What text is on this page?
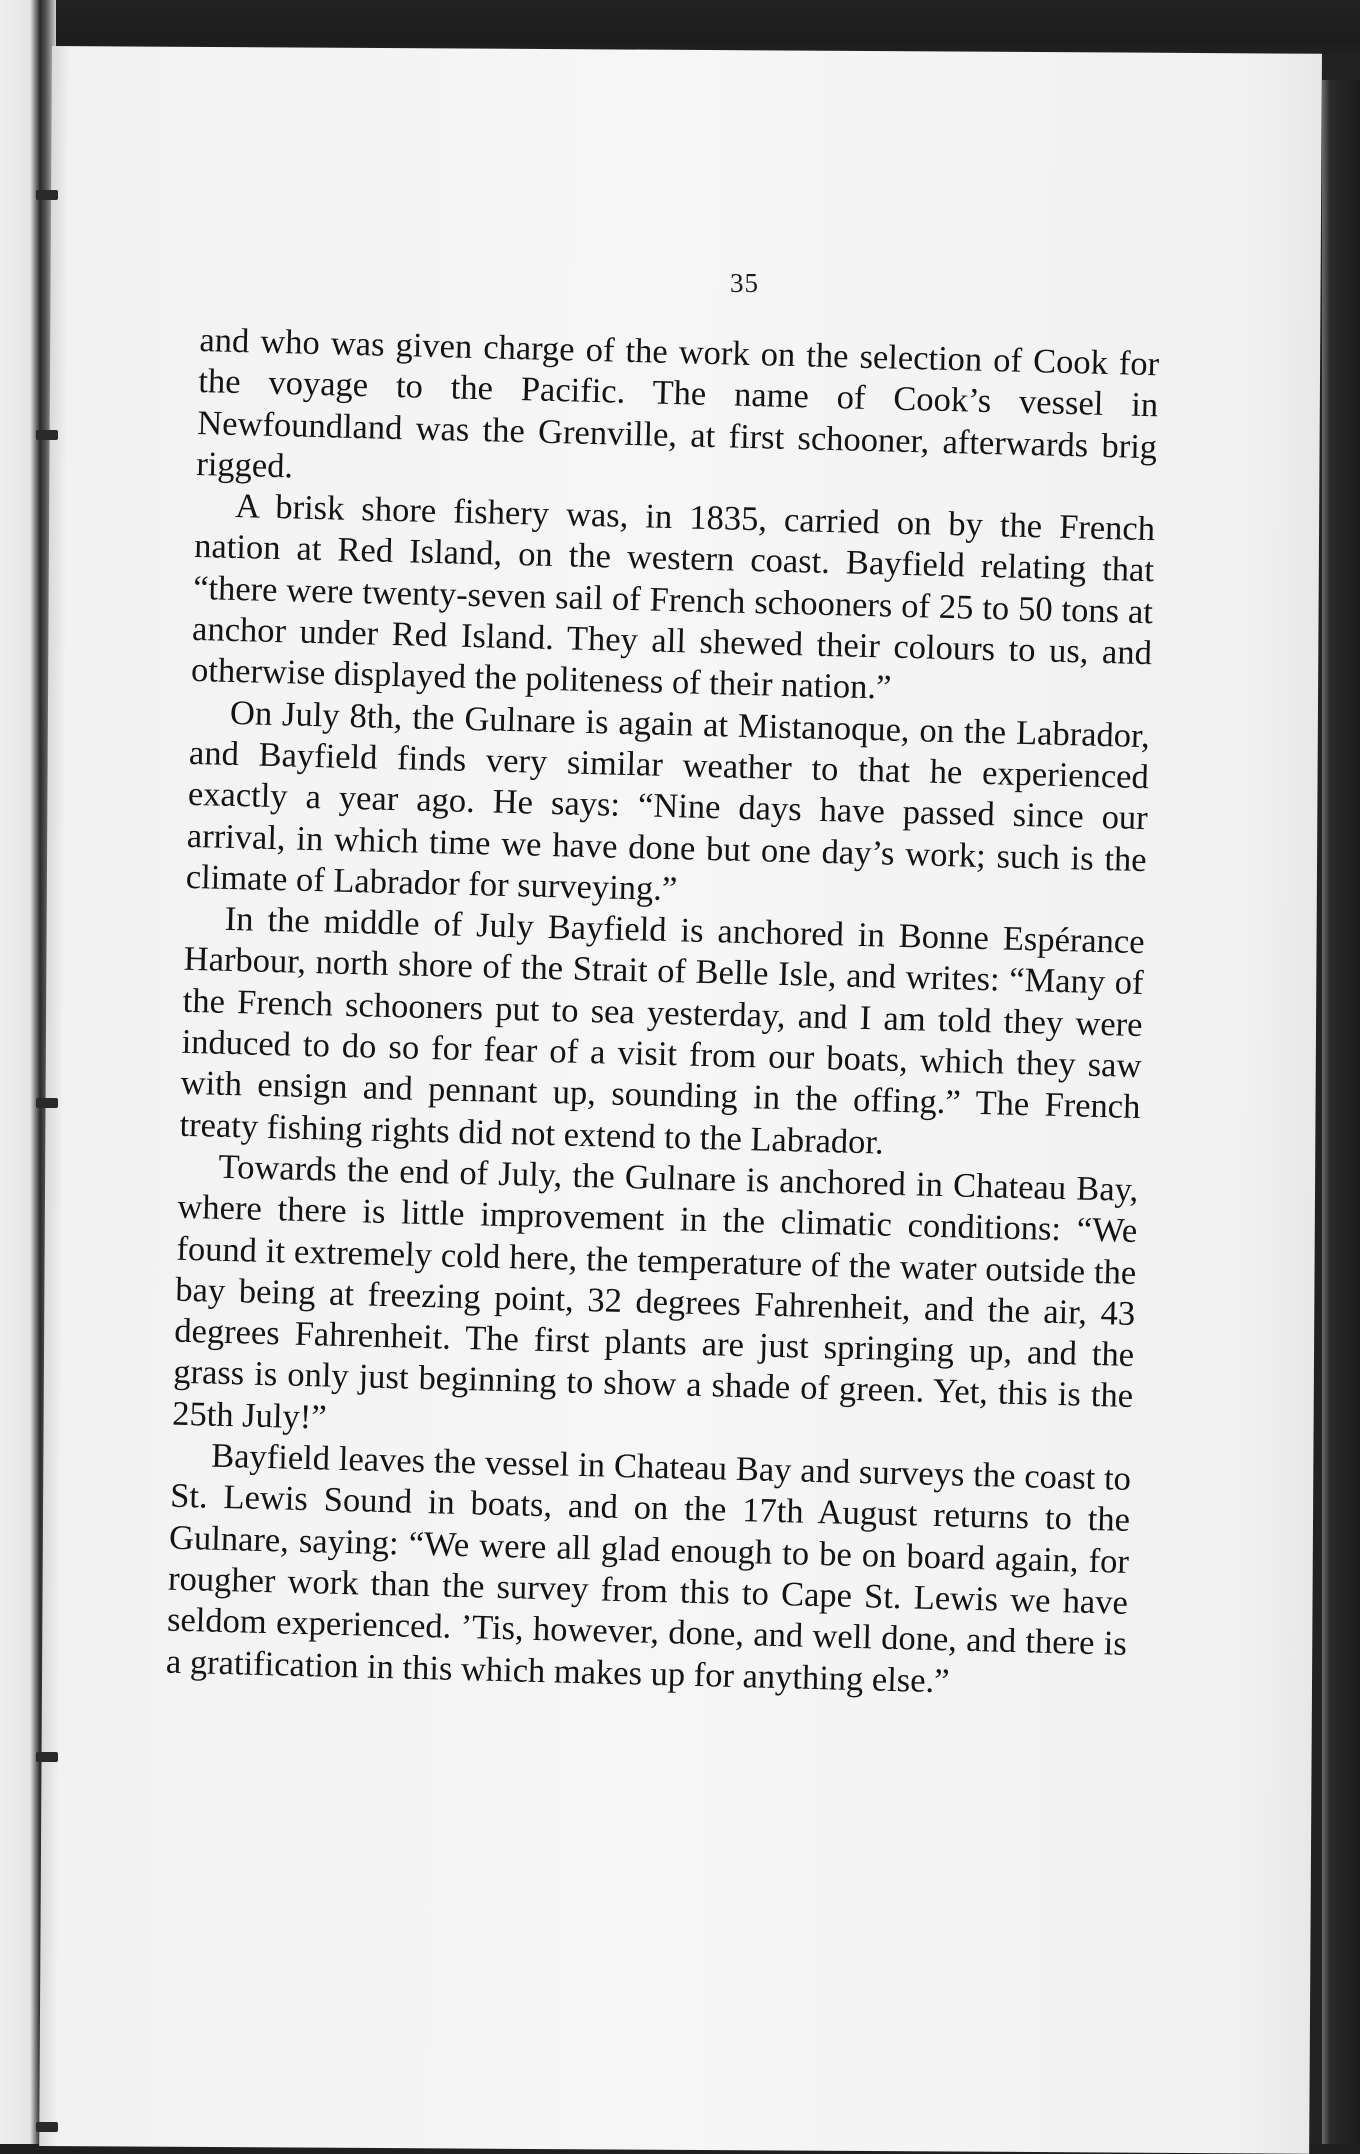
35

and who was given charge of the work on the selection of Cook for the voyage to the Pacific. The name of Cook’s vessel in Newfoundland was the Grenville, at first schooner, afterwards brig rigged.

A brisk shore fishery was, in 1835, carried on by the French nation at Red Island, on the western coast. Bayfield relating that “there were twenty-seven sail of French schooners of 25 to 50 tons at anchor under Red Island. They all shewed their colours to us, and otherwise displayed the politeness of their nation.”

On July 8th, the Gulnare is again at Mistanoque, on the Labrador, and Bayfield finds very similar weather to that he experienced exactly a year ago. He says: “Nine days have passed since our arrival, in which time we have done but one day’s work; such is the climate of Labrador for surveying.”

In the middle of July Bayfield is anchored in Bonne Espérance Harbour, north shore of the Strait of Belle Isle, and writes: “Many of the French schooners put to sea yesterday, and I am told they were induced to do so for fear of a visit from our boats, which they saw with ensign and pennant up, sounding in the offing.” The French treaty fishing rights did not extend to the Labrador.

Towards the end of July, the Gulnare is anchored in Chateau Bay, where there is little improvement in the climatic conditions: “We found it extremely cold here, the temperature of the water outside the bay being at freezing point, 32 degrees Fahrenheit, and the air, 43 degrees Fahrenheit. The first plants are just springing up, and the grass is only just beginning to show a shade of green. Yet, this is the 25th July!”

Bayfield leaves the vessel in Chateau Bay and surveys the coast to St. Lewis Sound in boats, and on the 17th August returns to the Gulnare, saying: “We were all glad enough to be on board again, for rougher work than the survey from this to Cape St. Lewis we have seldom experienced. ’Tis, however, done, and well done, and there is a gratification in this which makes up for anything else.”
